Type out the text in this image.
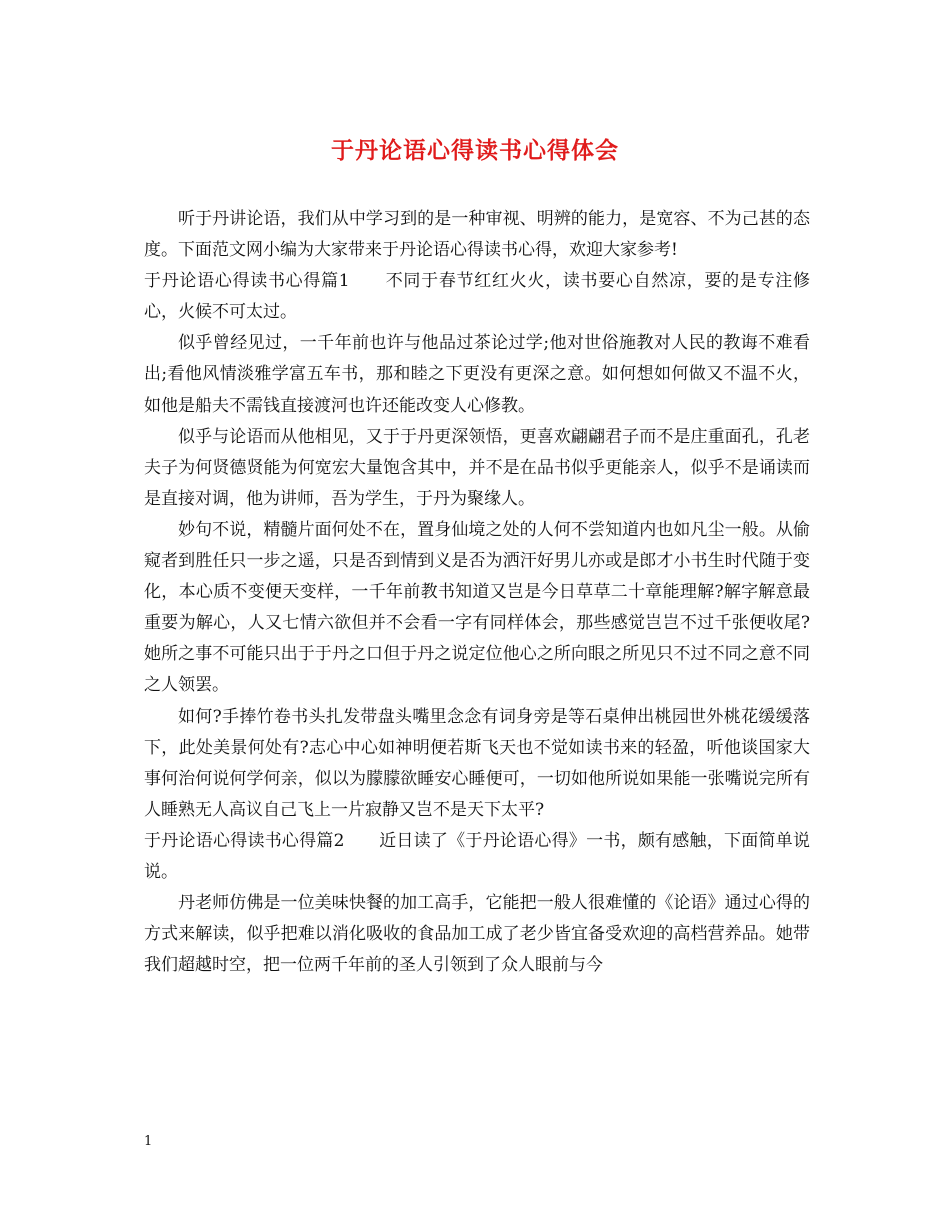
于丹论语心得读书心得体会

听于丹讲论语，我们从中学习到的是一种审视、明辨的能力，是宽容、不为己甚的态度。下面范文网小编为大家带来于丹论语心得读书心得，欢迎大家参考!

于丹论语心得读书心得篇1　　不同于春节红红火火，读书要心自然凉，要的是专注修心，火候不可太过。

似乎曾经见过，一千年前也许与他品过茶论过学;他对世俗施教对人民的教诲不难看出;看他风情淡雅学富五车书，那和睦之下更没有更深之意。如何想如何做又不温不火，如他是船夫不需钱直接渡河也许还能改变人心修教。

似乎与论语而从他相见，又于于丹更深领悟，更喜欢翩翩君子而不是庄重面孔，孔老夫子为何贤德贤能为何宽宏大量饱含其中，并不是在品书似乎更能亲人，似乎不是诵读而是直接对调，他为讲师，吾为学生，于丹为聚缘人。

妙句不说，精髓片面何处不在，置身仙境之处的人何不尝知道内也如凡尘一般。从偷窥者到胜任只一步之遥，只是否到情到义是否为洒汗好男儿亦或是郎才小书生时代随于变化，本心质不变便天变样，一千年前教书知道又岂是今日草草二十章能理解?解字解意最重要为解心，人又七情六欲但并不会看一字有同样体会，那些感觉岂岂不过千张便收尾?她所之事不可能只出于于丹之口但于丹之说定位他心之所向眼之所见只不过不同之意不同之人领罢。

如何?手捧竹卷书头扎发带盘头嘴里念念有词身旁是等石桌伸出桃园世外桃花缓缓落下，此处美景何处有?志心中心如神明便若斯飞天也不觉如读书来的轻盈，听他谈国家大事何治何说何学何亲，似以为朦朦欲睡安心睡便可，一切如他所说如果能一张嘴说完所有人睡熟无人高议自己飞上一片寂静又岂不是天下太平?

于丹论语心得读书心得篇2　　近日读了《于丹论语心得》一书，颇有感触，下面简单说说。

丹老师仿佛是一位美味快餐的加工高手，它能把一般人很难懂的《论语》通过心得的方式来解读，似乎把难以消化吸收的食品加工成了老少皆宜备受欢迎的高档营养品。她带我们超越时空，把一位两千年前的圣人引领到了众人眼前与今

1
